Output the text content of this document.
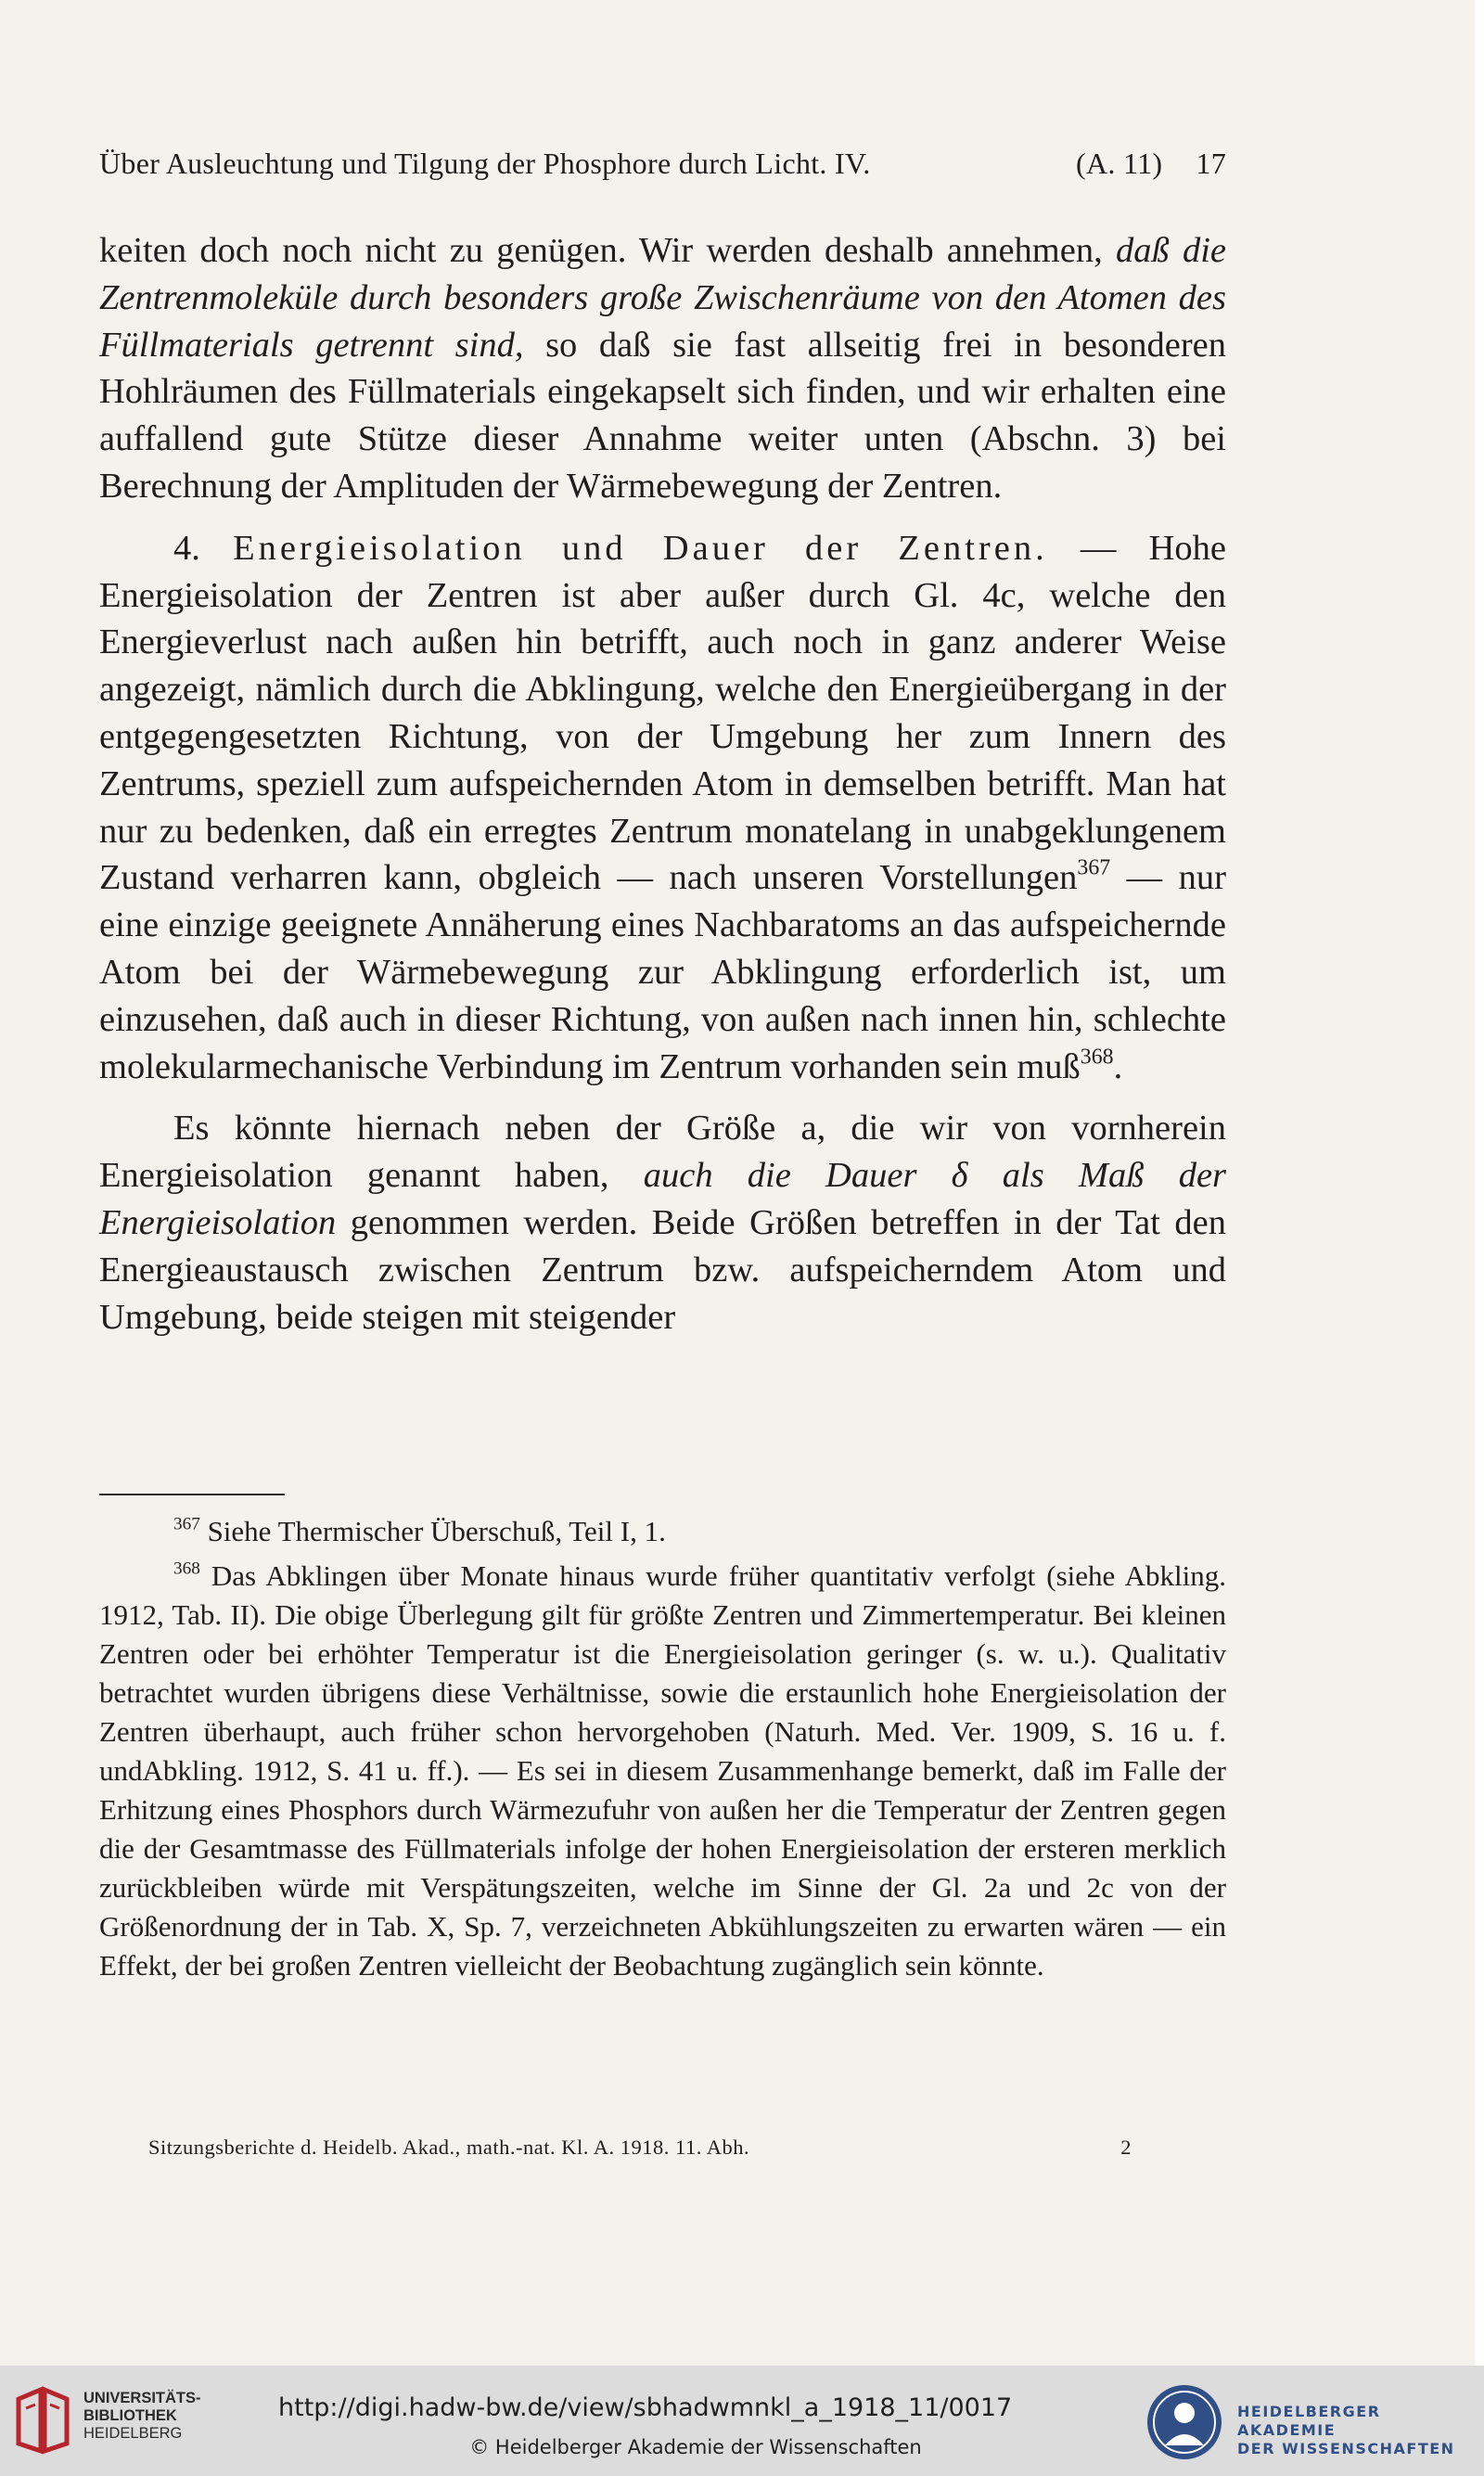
Über Ausleuchtung und Tilgung der Phosphore durch Licht. IV.	(A. 11) 17

keiten doch noch nicht zu genügen. Wir werden deshalb annehmen, daß die Zentrenmoleküle durch besonders große Zwischenräume von den Atomen des Füllmaterials getrennt sind, so daß sie fast allseitig frei in besonderen Hohlräumen des Füllmaterials eingekapselt sich finden, und wir erhalten eine auffallend gute Stütze dieser Annahme weiter unten (Abschn. 3) bei Berechnung der Amplituden der Wärmebewegung der Zentren.

4. Energieisolation und Dauer der Zentren. — Hohe Energieisolation der Zentren ist aber außer durch Gl. 4c, welche den Energieverlust nach außen hin betrifft, auch noch in ganz anderer Weise angezeigt, nämlich durch die Abklingung, welche den Energieübergang in der entgegengesetzten Richtung, von der Umgebung her zum Innern des Zentrums, speziell zum aufspeichernden Atom in demselben betrifft. Man hat nur zu bedenken, daß ein erregtes Zentrum monatelang in unabgeklungenem Zustand verharren kann, obgleich — nach unseren Vorstellungen$^{367}$ — nur eine einzige geeignete Annäherung eines Nachbaratoms an das aufspeichernde Atom bei der Wärmebewegung zur Abklingung erforderlich ist, um einzusehen, daß auch in dieser Richtung, von außen nach innen hin, schlechte molekularmechanische Verbindung im Zentrum vorhanden sein muß$^{368}$.

Es könnte hiernach neben der Größe a, die wir von vornherein Energieisolation genannt haben, auch die Dauer δ als Maß der Energieisolation genommen werden. Beide Größen betreffen in der Tat den Energieaustausch zwischen Zentrum bzw. aufspeicherndem Atom und Umgebung, beide steigen mit steigender

$^{367}$ Siehe Thermischer Überschuß, Teil I, 1.

$^{368}$ Das Abklingen über Monate hinaus wurde früher quantitativ verfolgt (siehe Abkling. 1912, Tab. II). Die obige Überlegung gilt für größte Zentren und Zimmertemperatur. Bei kleinen Zentren oder bei erhöhter Temperatur ist die Energieisolation geringer (s. w. u.). Qualitativ betrachtet wurden übrigens diese Verhältnisse, sowie die erstaunlich hohe Energieisolation der Zentren überhaupt, auch früher schon hervorgehoben (Naturh. Med. Ver. 1909, S. 16 u. f. undAbkling. 1912, S. 41 u. ff.). — Es sei in diesem Zusammenhange bemerkt, daß im Falle der Erhitzung eines Phosphors durch Wärmezufuhr von außen her die Temperatur der Zentren gegen die der Gesamtmasse des Füllmaterials infolge der hohen Energieisolation der ersteren merklich zurückbleiben würde mit Verspätungszeiten, welche im Sinne der Gl. 2a und 2c von der Größenordnung der in Tab. X, Sp. 7, verzeichneten Abkühlungszeiten zu erwarten wären — ein Effekt, der bei großen Zentren vielleicht der Beobachtung zugänglich sein könnte.

Sitzungsberichte d. Heidelb. Akad., math.-nat. Kl. A. 1918. 11. Abh.	2
UNIVERSITÄTS-
BIBLIOTHEK
HEIDELBERG
http://digi.hadw-bw.de/view/sbhadwmnkl_a_1918_11/0017
© Heidelberger Akademie der Wissenschaften
HEIDELBERGER AKADEMIE
DER WISSENSCHAFTEN
